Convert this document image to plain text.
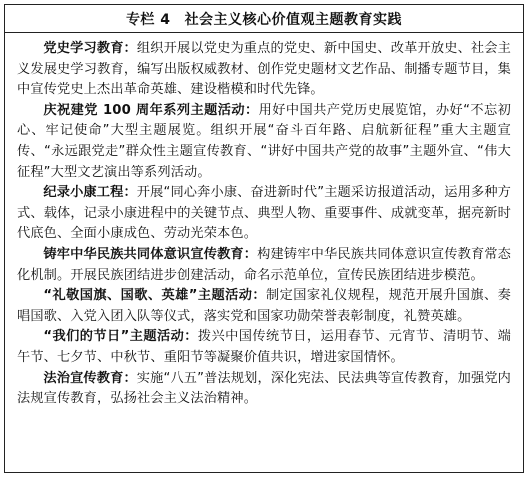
专栏 4 社会主义核心价值观主题教育实践

党史学习教育：组织开展以党史为重点的党史、新中国史、改革开放史、社会主义发展史学习教育，编写出版权威教材、创作党史题材文艺作品、制播专题节目，集中宣传党史上杰出革命英雄、建设楷模和时代先锋。

庆祝建党 100 周年系列主题活动：用好中国共产党历史展览馆，办好“不忘初心、牢记使命”大型主题展览。组织开展“奋斗百年路、启航新征程”重大主题宣传、“永远跟党走”群众性主题宣传教育、“讲好中国共产党的故事”主题外宣、“伟大征程”大型文艺演出等系列活动。

纪录小康工程：开展“同心奔小康、奋进新时代”主题采访报道活动，运用多种方式、载体，记录小康进程中的关键节点、典型人物、重要事件、成就变革，据亮新时代底色、全面小康成色、劳动光荣本色。

铸牢中华民族共同体意识宣传教育：构建铸牢中华民族共同体意识宣传教育常态化机制。开展民族团结进步创建活动，命名示范单位，宣传民族团结进步模范。

“礼敬国旗、国歌、英雄”主题活动：制定国家礼仪规程，规范开展升国旗、奏唱国歌、入党入团入队等仪式，落实党和国家功勋荣誉表彰制度，礼赞英雄。

“我们的节日”主题活动：拨兴中国传统节日，运用春节、元宵节、清明节、端午节、七夕节、中秋节、重阳节等凝聚价值共识，增进家国情怀。

法治宣传教育：实施“八五”普法规划，深化宪法、民法典等宣传教育，加强党内法规宣传教育，弘扬社会主义法治精神。
